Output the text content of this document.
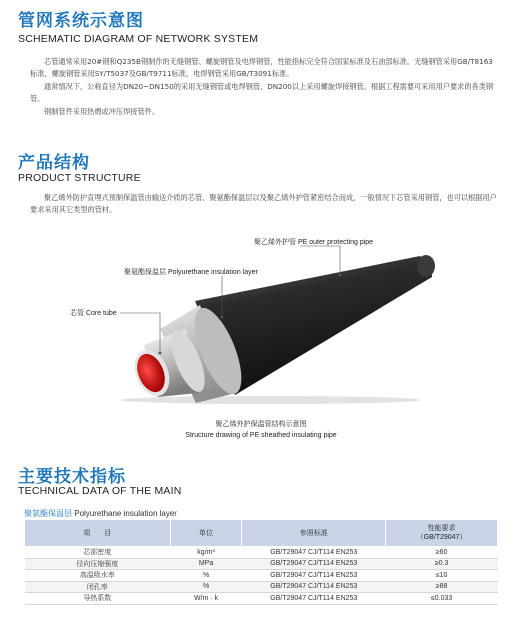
管网系统示意图
SCHEMATIC DIAGRAM OF NETWORK SYSTEM

芯管通常采用20#钢和Q235B钢制作的无缝钢管、螺旋钢管及电焊钢管，性能指标完全符合国家标准及石油部标准。无缝钢管采用GB/T8163标准，螺旋钢管采用SY/T5037及GB/T9711标准，电焊钢管采用GB/T3091标准。

通常情况下，公称直径为DN20~DN150的采用无缝钢管或电焊钢管，DN200以上采用螺旋焊接钢管。根据工程需要可采用用户要求的各类钢管。

钢制管件采用热煨或冲压焊接管件。

产品结构
PRODUCT STRUCTURE

聚乙烯外防护直埋式预制保温管由输送介质的芯管、聚氨酯保温层以及聚乙烯外护管紧密结合而成，一般情况下芯管采用钢管，也可以根据用户要求采用其它类型的管材。

聚乙烯外护管 PE outer protecting pipe
聚氨酯保温层 Polyurethane insulation layer
芯管 Core tube
聚乙烯外护保温管结构示意图
Structure drawing of PE sheathed insulating pipe
主要技术指标
TECHNICAL DATA OF THE MAIN
聚氨酯保温层 Polyurethane insulation layer
项　　目	单位	参照标准	性能要求
（GB/T29047）
芯部密度	kg/m³	GB/T29047 CJ/T114 EN253	≥60
径向压缩强度	MPa	GB/T29047 CJ/T114 EN253	≥0.3
高温吸水率	%	GB/T29047 CJ/T114 EN253	≤10
闭孔率	%	GB/T29047 CJ/T114 EN253	≥88
导热系数	W/m · k	GB/T29047 CJ/T114 EN253	≤0.033
